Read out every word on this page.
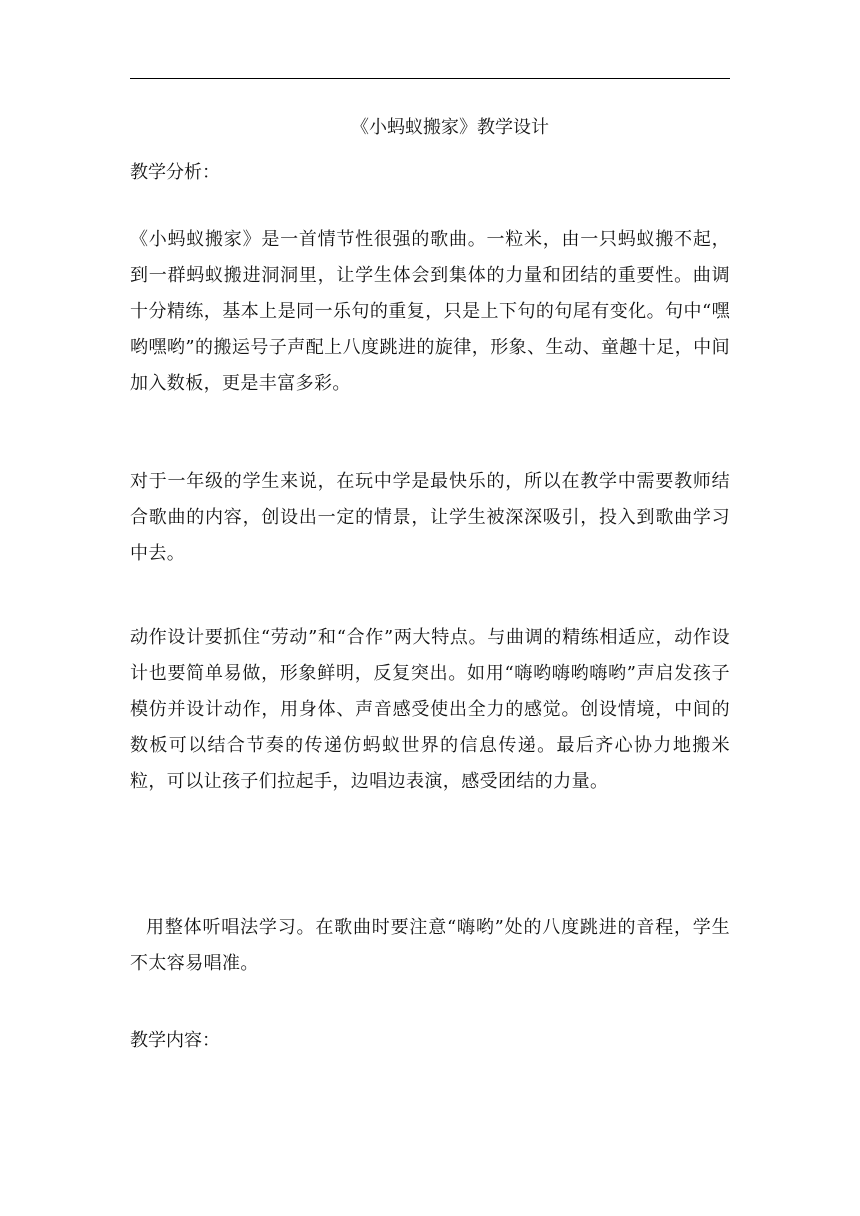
《小蚂蚁搬家》教学设计
教学分析：
《小蚂蚁搬家》是一首情节性很强的歌曲。一粒米，由一只蚂蚁搬不起，到一群蚂蚁搬进洞洞里，让学生体会到集体的力量和团结的重要性。曲调十分精练，基本上是同一乐句的重复，只是上下句的句尾有变化。句中“嘿哟嘿哟”的搬运号子声配上八度跳进的旋律，形象、生动、童趣十足，中间加入数板，更是丰富多彩。
对于一年级的学生来说，在玩中学是最快乐的，所以在教学中需要教师结合歌曲的内容，创设出一定的情景，让学生被深深吸引，投入到歌曲学习中去。
动作设计要抓住“劳动”和“合作”两大特点。与曲调的精练相适应，动作设计也要简单易做，形象鲜明，反复突出。如用“嗨哟嗨哟嗨哟”声启发孩子模仿并设计动作，用身体、声音感受使出全力的感觉。创设情境，中间的数板可以结合节奏的传递仿蚂蚁世界的信息传递。最后齐心协力地搬米粒，可以让孩子们拉起手，边唱边表演，感受团结的力量。
用整体听唱法学习。在歌曲时要注意“嗨哟”处的八度跳进的音程，学生不太容易唱准。
教学内容：
